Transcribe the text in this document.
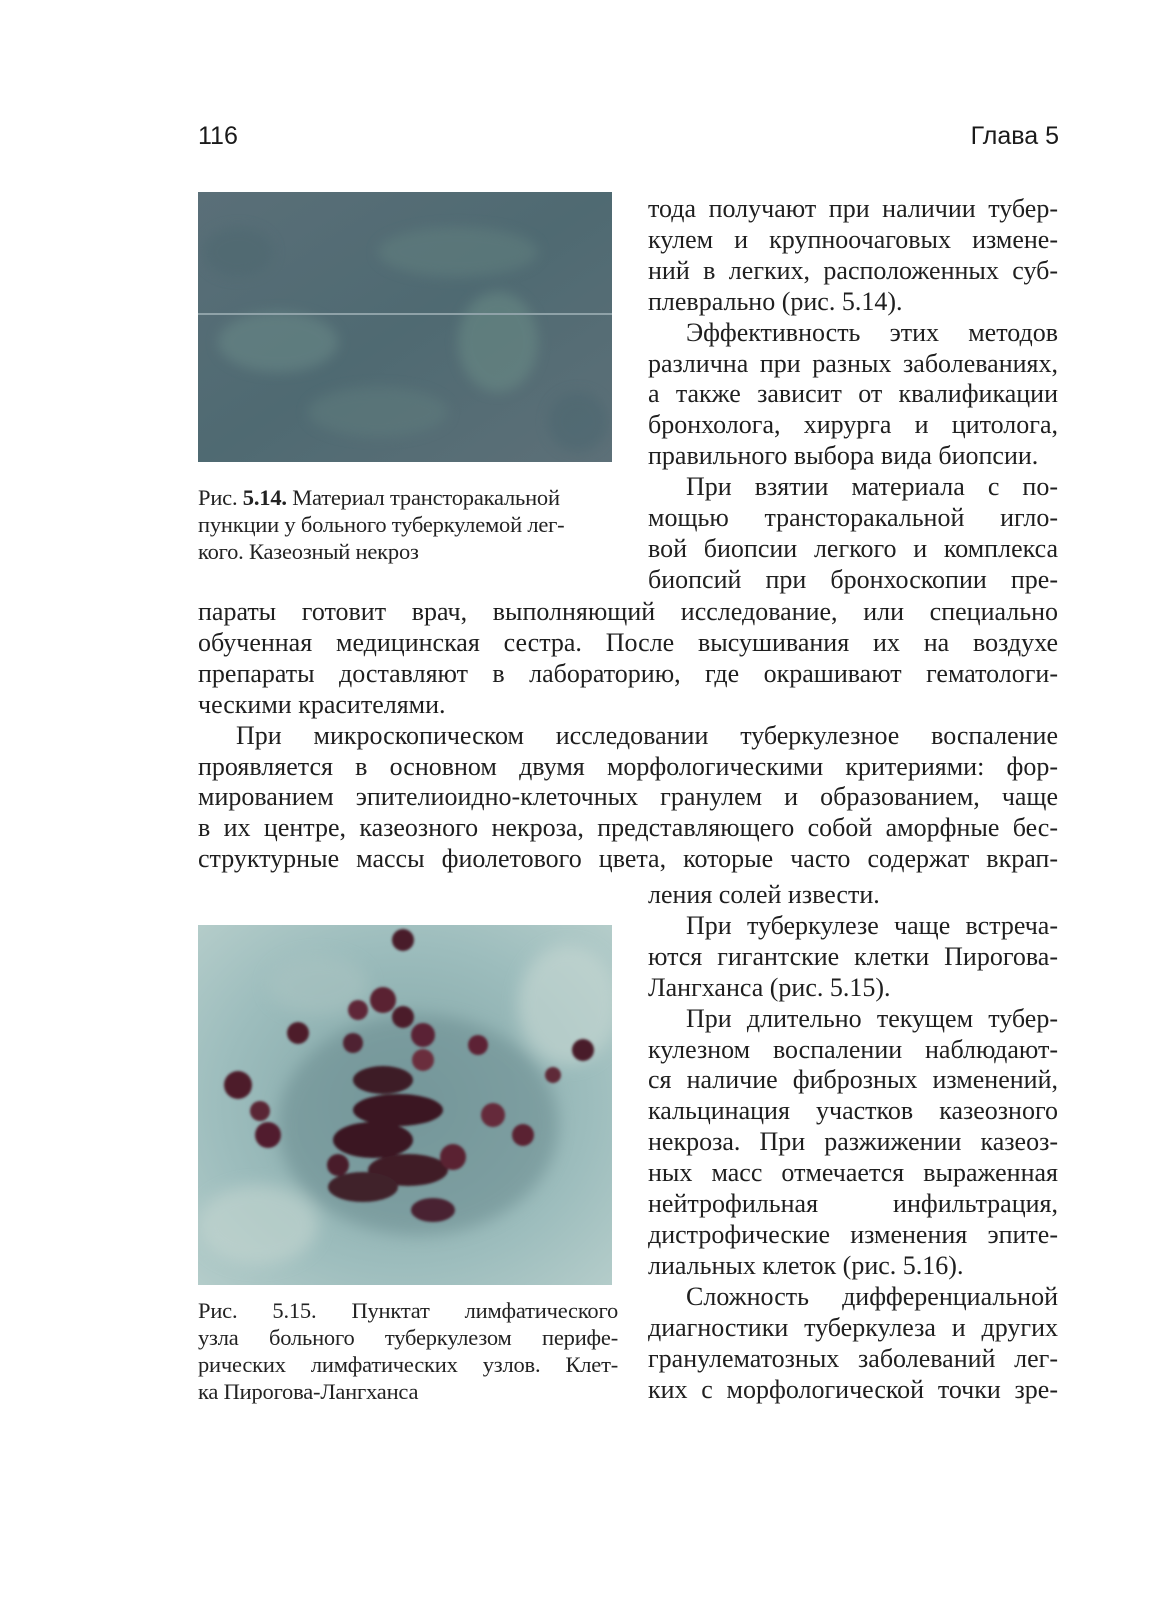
116	Глава 5
Рис. 5.14. Материал трансторакальной
пункции у больного туберкулемой лег-
кого. Казеозный некроз
тода получают при наличии тубер-
кулем и крупноочаговых измене-
ний в легких, расположенных суб-
плеврально (рис. 5.14).
Эффективность этих методов
различна при разных заболеваниях,
а также зависит от квалификации
бронхолога, хирурга и цитолога,
правильного выбора вида биопсии.
При взятии материала с по-
мощью трансторакальной игло-
вой биопсии легкого и комплекса
биопсий при бронхоскопии пре-
параты готовит врач, выполняющий исследование, или специально
обученная медицинская сестра. После высушивания их на воздухе
препараты доставляют в лабораторию, где окрашивают гематологи-
ческими красителями.
При микроскопическом исследовании туберкулезное воспаление
проявляется в основном двумя морфологическими критериями: фор-
мированием эпителиоидно-клеточных гранулем и образованием, чаще
в их центре, казеозного некроза, представляющего собой аморфные бес-
структурные массы фиолетового цвета, которые часто содержат вкрап-
Рис. 5.15. Пунктат лимфатического
узла больного туберкулезом перифе-
рических лимфатических узлов. Клет-
ка Пирогова-Лангханса
ления солей извести.
При туберкулезе чаще встреча-
ются гигантские клетки Пирогова-
Лангханса (рис. 5.15).
При длительно текущем тубер-
кулезном воспалении наблюдают-
ся наличие фиброзных изменений,
кальцинация участков казеозного
некроза. При разжижении казеоз-
ных масс отмечается выраженная
нейтрофильная инфильтрация,
дистрофические изменения эпите-
лиальных клеток (рис. 5.16).
Сложность дифференциальной
диагностики туберкулеза и других
гранулематозных заболеваний лег-
ких с морфологической точки зре-
